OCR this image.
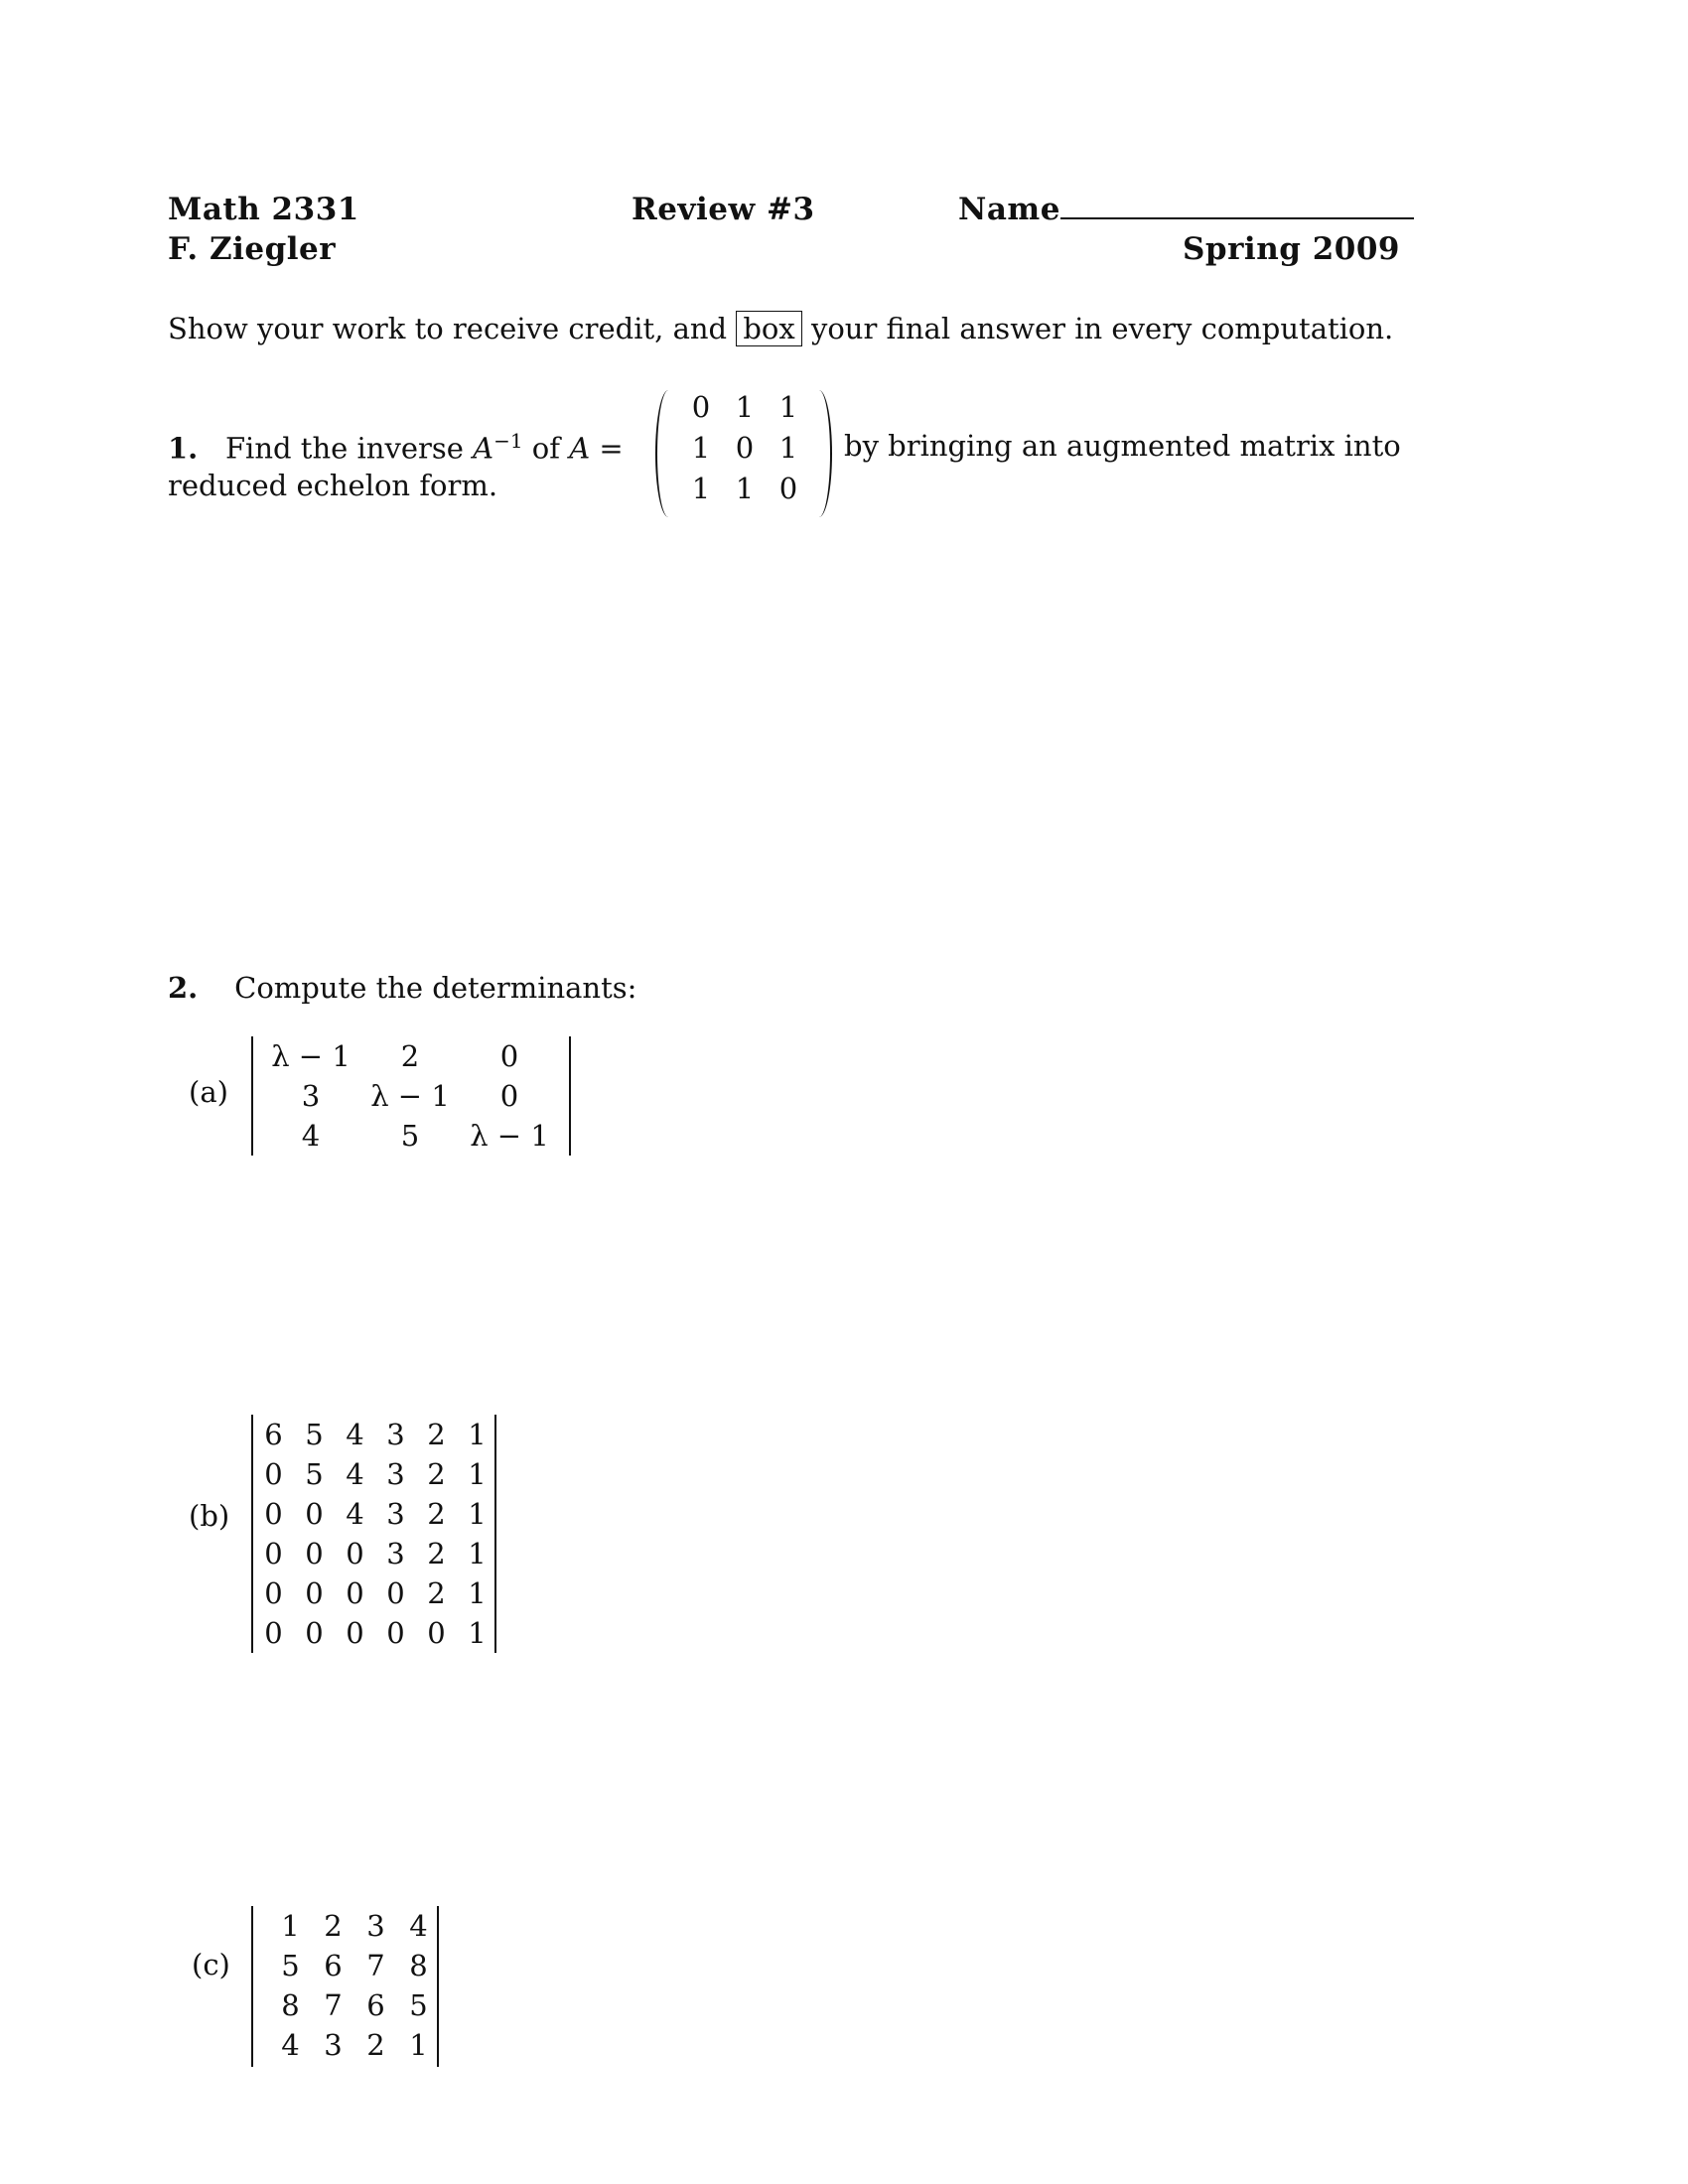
Math 2331
F. Ziegler
Review #3	Name
Spring 2009
Show your work to receive credit, and box your final answer in every computation.
1. Find the inverse $A^{-1}$ of A =
0 1 1
1 0 1
1 1 0
by bringing an augmented matrix into
reduced echelon form.
2. Compute the determinants:
(a)
λ − 1	2	0
3	λ − 1	0
4	5	λ − 1
(b)
6 5 4 3 2 1
0 5 4 3 2 1
0 0 4 3 2 1
0 0 0 3 2 1
0 0 0 0 2 1
0 0 0 0 0 1
(c)
1 2 3 4
5 6 7 8
8 7 6 5
4 3 2 1
